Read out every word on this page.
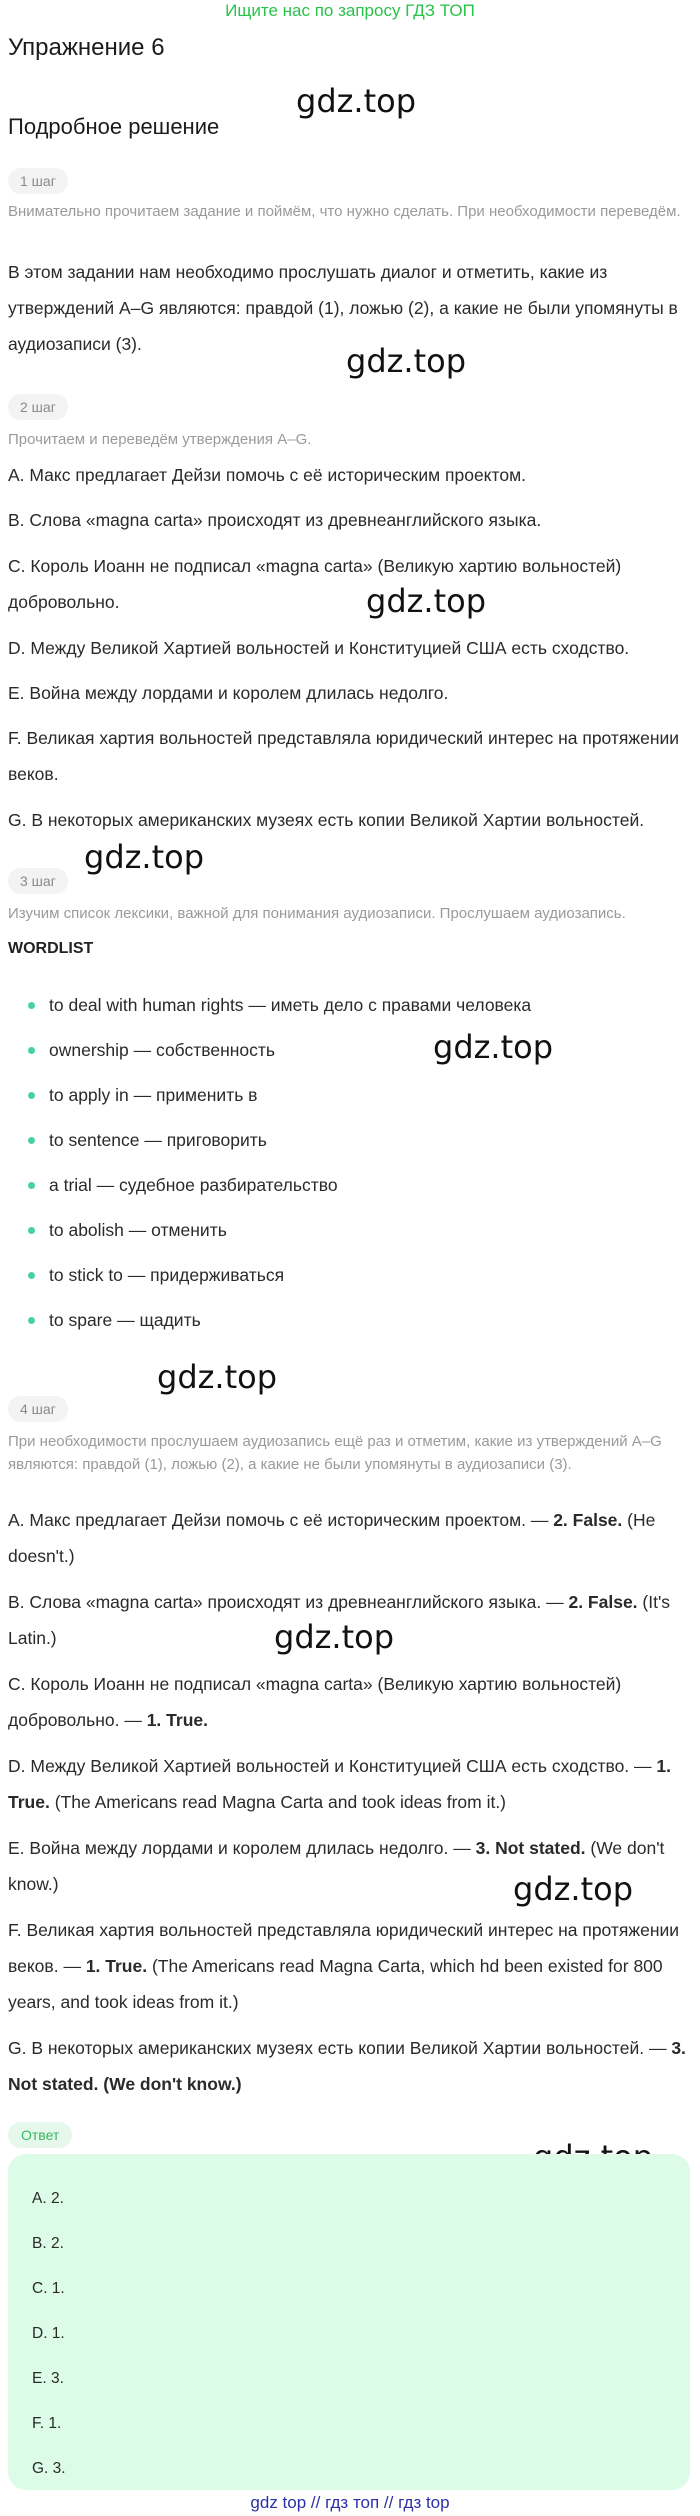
Ищите нас по запросу ГДЗ ТОП
Упражнение 6
Подробное решение
gdz.top
gdz.top
gdz.top
gdz.top
gdz.top
gdz.top
gdz.top
gdz.top
1 шаг
Внимательно прочитаем задание и поймём, что нужно сделать. При необходимости переведём.
В этом задании нам необходимо прослушать диалог и отметить, какие из утверждений A–G являются: правдой (1), ложью (2), а какие не были упомянуты в аудиозаписи (3).
2 шаг
Прочитаем и переведём утверждения A–G.
A. Макс предлагает Дейзи помочь с её историческим проектом.
B. Слова «magna carta» происходят из древнеанглийского языка.
C. Король Иоанн не подписал «magna carta» (Великую хартию вольностей) добровольно.
D. Между Великой Хартией вольностей и Конституцией США есть сходство.
E. Война между лордами и королем длилась недолго.
F. Великая хартия вольностей представляла юридический интерес на протяжении веков.
G. В некоторых американских музеях есть копии Великой Хартии вольностей.
3 шаг
Изучим список лексики, важной для понимания аудиозаписи. Прослушаем аудиозапись.
WORDLIST
to deal with human rights — иметь дело с правами человека
ownership — собственность
to apply in — применить в
to sentence — приговорить
a trial — судебное разбирательство
to abolish — отменить
to stick to — придерживаться
to spare — щадить
4 шаг
При необходимости прослушаем аудиозапись ещё раз и отметим, какие из утверждений A–G являются: правдой (1), ложью (2), а какие не были упомянуты в аудиозаписи (3).
A. Макс предлагает Дейзи помочь с её историческим проектом. — 2. False. (He doesn't.)
B. Слова «magna carta» происходят из древнеанглийского языка. — 2. False. (It's Latin.)
C. Король Иоанн не подписал «magna carta» (Великую хартию вольностей) добровольно. — 1. True.
D. Между Великой Хартией вольностей и Конституцией США есть сходство. — 1. True. (The Americans read Magna Carta and took ideas from it.)
E. Война между лордами и королем длилась недолго. — 3. Not stated. (We don't know.)
F. Великая хартия вольностей представляла юридический интерес на протяжении веков. — 1. True. (The Americans read Magna Carta, which hd been existed for 800 years, and took ideas from it.)
G. В некоторых американских музеях есть копии Великой Хартии вольностей. — 3. Not stated. (We don't know.)
Ответ
A. 2.
B. 2.
C. 1.
D. 1.
E. 3.
F. 1.
G. 3.
gdz top // гдз топ // гдз top
